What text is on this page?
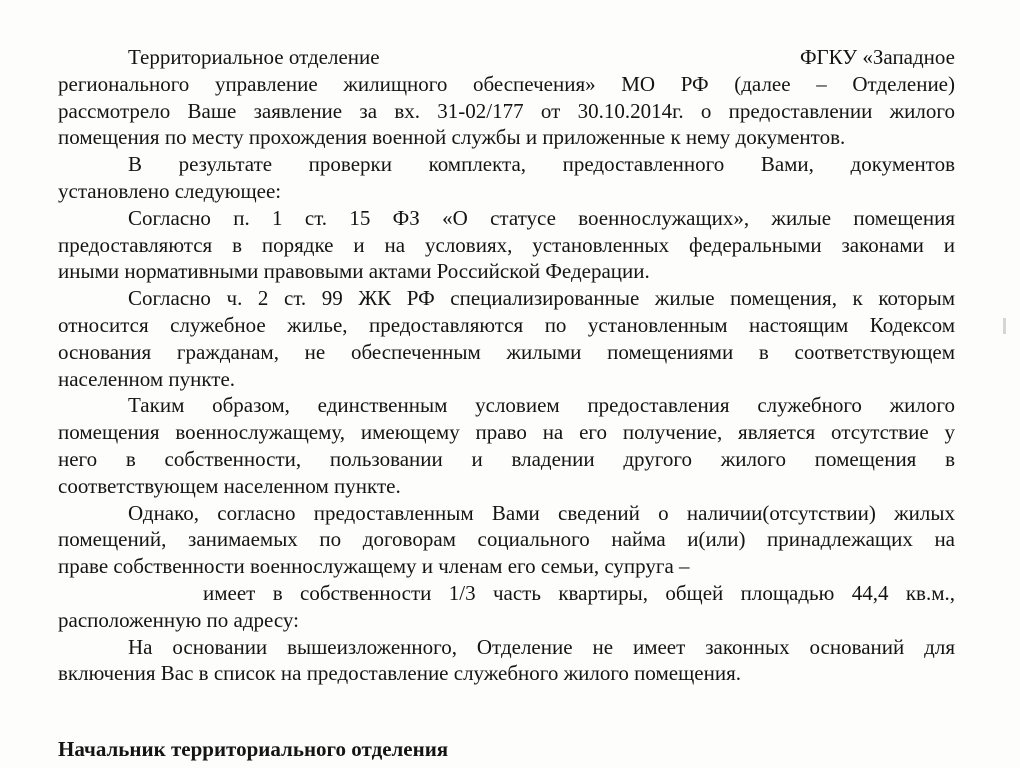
Территориальное отделение	ФГКУ «Западное
регионального управление жилищного обеспечения» МО РФ (далее – Отделение)
рассмотрело Ваше заявление за вх. 31-02/177 от 30.10.2014г. о предоставлении жилого
помещения по месту прохождения военной службы и приложенные к нему документов.
В результате проверки комплекта, предоставленного Вами, документов
установлено следующее:
Согласно п. 1 ст. 15 ФЗ «О статусе военнослужащих», жилые помещения
предоставляются в порядке и на условиях, установленных федеральными законами и
иными нормативными правовыми актами Российской Федерации.
Согласно ч. 2 ст. 99 ЖК РФ специализированные жилые помещения, к которым
относится служебное жилье, предоставляются по установленным настоящим Кодексом
основания гражданам, не обеспеченным жилыми помещениями в соответствующем
населенном пункте.
Таким образом, единственным условием предоставления служебного жилого
помещения военнослужащему, имеющему право на его получение, является отсутствие у
него в собственности, пользовании и владении другого жилого помещения в
соответствующем населенном пункте.
Однако, согласно предоставленным Вами сведений о наличии(отсутствии) жилых
помещений, занимаемых по договорам социального найма и(или) принадлежащих на
праве собственности военнослужащему и членам его семьи, супруга –
имеет в собственности 1/3 часть квартиры, общей площадью 44,4 кв.м.,
расположенную по адресу:
На основании вышеизложенного, Отделение не имеет законных оснований для
включения Вас в список на предоставление служебного жилого помещения.
Начальник территориального отделения
